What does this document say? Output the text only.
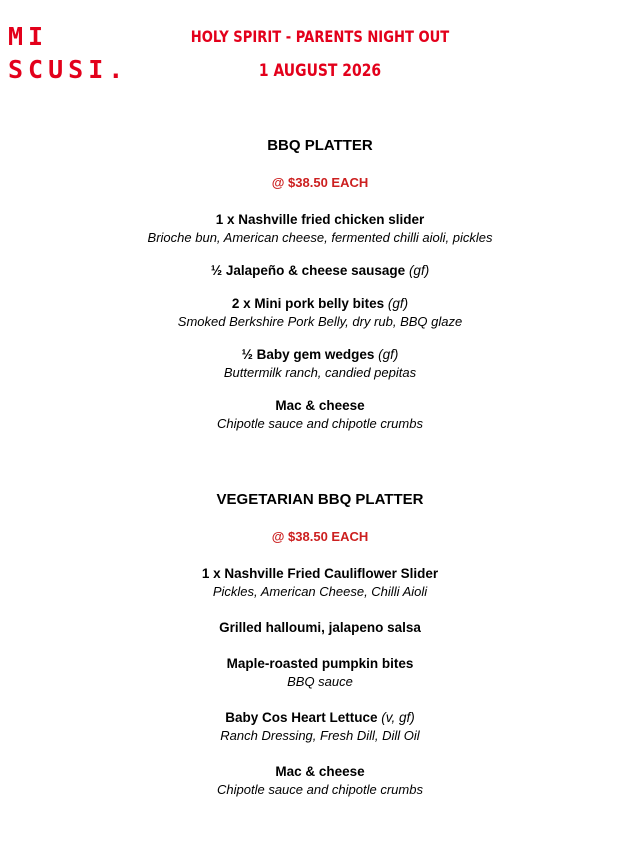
MI
SCUSI.
HOLY SPIRIT - PARENTS NIGHT OUT
1 AUGUST 2026
BBQ PLATTER
@ $38.50 EACH
1 x Nashville fried chicken slider
Brioche bun, American cheese, fermented chilli aioli, pickles
½ Jalapeño & cheese sausage (gf)
2 x Mini pork belly bites (gf)
Smoked Berkshire Pork Belly, dry rub, BBQ glaze
½ Baby gem wedges (gf)
Buttermilk ranch, candied pepitas
Mac & cheese
Chipotle sauce and chipotle crumbs
VEGETARIAN BBQ PLATTER
@ $38.50 EACH
1 x Nashville Fried Cauliflower Slider
Pickles, American Cheese, Chilli Aioli
Grilled halloumi, jalapeno salsa
Maple-roasted pumpkin bites
BBQ sauce
Baby Cos Heart Lettuce (v, gf)
Ranch Dressing, Fresh Dill, Dill Oil
Mac & cheese
Chipotle sauce and chipotle crumbs
